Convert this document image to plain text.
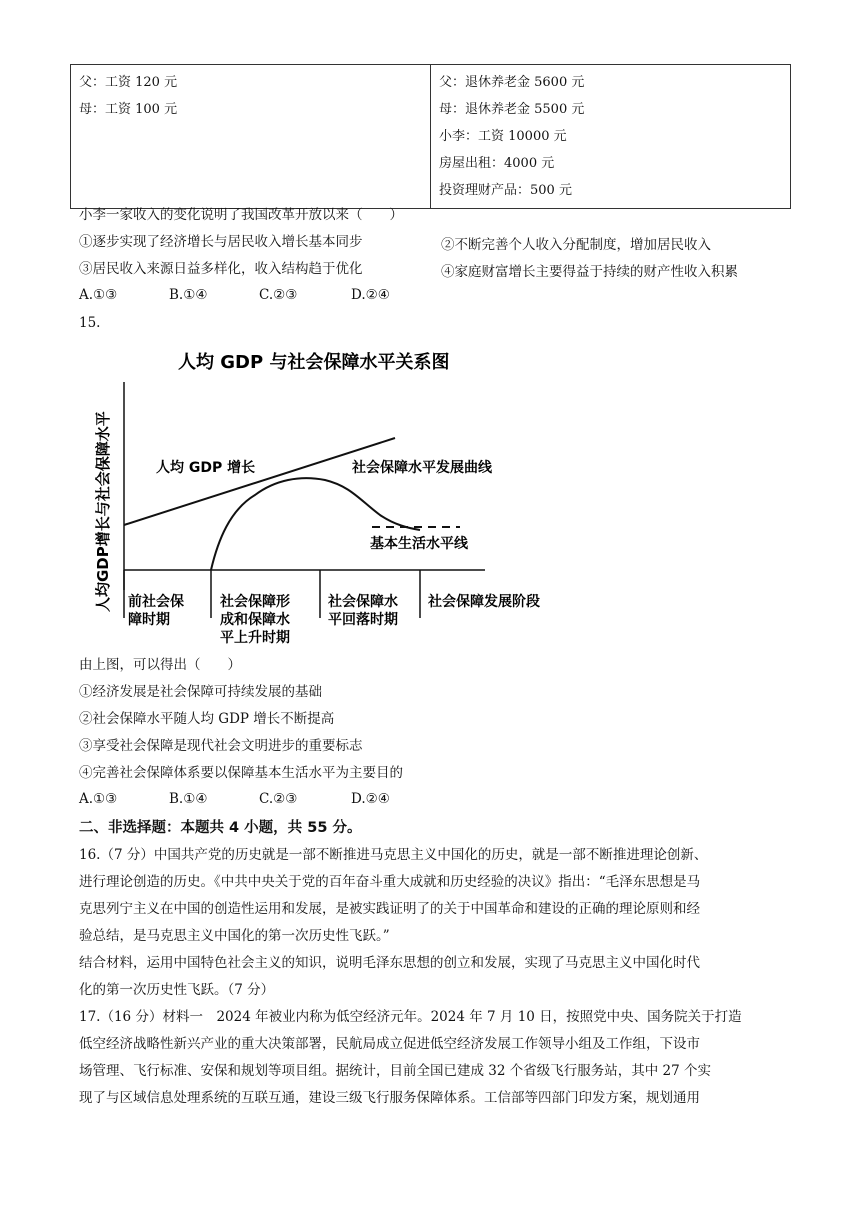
父：工资 120 元
母：工资 100 元

父：退休养老金 5600 元
母：退休养老金 5500 元
小李：工资 10000 元
房屋出租：4000 元
投资理财产品：500 元
小李一家收入的变化说明了我国改革开放以来（　　）
①逐步实现了经济增长与居民收入增长基本同步	②不断完善个人收入分配制度，增加居民收入
③居民收入来源日益多样化，收入结构趋于优化	④家庭财富增长主要得益于持续的财产性收入积累
A.①③	B.①④	C.②③	D.②④
15.
人均 GDP 与社会保障水平关系图
人均GDP增长与社会保障水平	人均 GDP 增长	社会保障水平发展曲线
基本生活水平线
前社会保
障时期
社会保障形
成和保障水
平上升时期
社会保障水
平回落时期
社会保障发展阶段
由上图，可以得出（　　）
①经济发展是社会保障可持续发展的基础
②社会保障水平随人均 GDP 增长不断提高
③享受社会保障是现代社会文明进步的重要标志
④完善社会保障体系要以保障基本生活水平为主要目的
A.①③	B.①④	C.②③	D.②④
二、非选择题：本题共 4 小题，共 55 分。
16.（7 分）中国共产党的历史就是一部不断推进马克思主义中国化的历史，就是一部不断推进理论创新、
进行理论创造的历史。《中共中央关于党的百年奋斗重大成就和历史经验的决议》指出：“毛泽东思想是马
克思列宁主义在中国的创造性运用和发展，是被实践证明了的关于中国革命和建设的正确的理论原则和经
验总结，是马克思主义中国化的第一次历史性飞跃。”
结合材料，运用中国特色社会主义的知识，说明毛泽东思想的创立和发展，实现了马克思主义中国化时代
化的第一次历史性飞跃。（7 分）
17.（16 分）材料一　2024 年被业内称为低空经济元年。2024 年 7 月 10 日，按照党中央、国务院关于打造
低空经济战略性新兴产业的重大决策部署，民航局成立促进低空经济发展工作领导小组及工作组，下设市
场管理、飞行标准、安保和规划等项目组。据统计，目前全国已建成 32 个省级飞行服务站，其中 27 个实
现了与区域信息处理系统的互联互通，建设三级飞行服务保障体系。工信部等四部门印发方案，规划通用
